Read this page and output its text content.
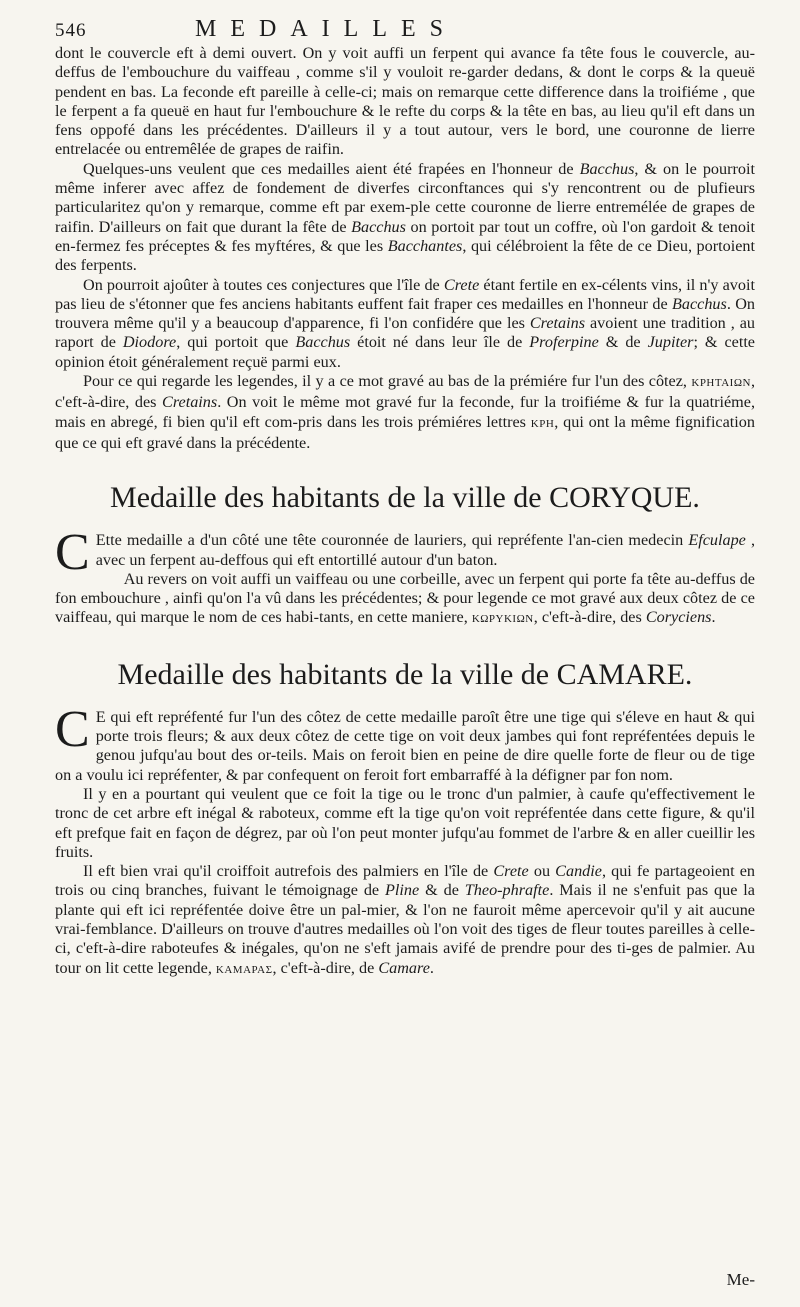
546	MEDAILLES

dont le couvercle eft à demi ouvert. On y voit auffi un ferpent qui avance fa tête fous le couvercle, au-deffus de l'embouchure du vaiffeau , comme s'il y vouloit re-garder dedans, & dont le corps & la queuë pendent en bas. La feconde eft pareille à celle-ci; mais on remarque cette difference dans la troifiéme , que le ferpent a fa queuë en haut fur l'embouchure & le refte du corps & la tête en bas, au lieu qu'il eft dans un fens oppofé dans les précédentes. D'ailleurs il y a tout autour, vers le bord, une couronne de lierre entrelacée ou entremêlée de grapes de raifin.

Quelques-uns veulent que ces medailles aient été frapées en l'honneur de Bacchus, & on le pourroit même inferer avec affez de fondement de diverfes circonftances qui s'y rencontrent ou de plufieurs particularitez qu'on y remarque, comme eft par exem-ple cette couronne de lierre entremélée de grapes de raifin. D'ailleurs on fait que durant la fête de Bacchus on portoit par tout un coffre, où l'on gardoit & tenoit en-fermez fes préceptes & fes myftéres, & que les Bacchantes, qui célébroient la fête de ce Dieu, portoient des ferpents.

On pourroit ajoûter à toutes ces conjectures que l'île de Crete étant fertile en ex-célents vins, il n'y avoit pas lieu de s'étonner que fes anciens habitants euffent fait fraper ces medailles en l'honneur de Bacchus. On trouvera même qu'il y a beaucoup d'apparence, fi l'on confidére que les Cretains avoient une tradition , au raport de Diodore, qui portoit que Bacchus étoit né dans leur île de Proferpine & de Jupiter; & cette opinion étoit généralement reçuë parmi eux.

Pour ce qui regarde les legendes, il y a ce mot gravé au bas de la prémiére fur l'un des côtez, ΚΡΗΤΑΙΩΝ, c'eft-à-dire, des Cretains. On voit le même mot gravé fur la feconde, fur la troifiéme & fur la quatriéme, mais en abregé, fi bien qu'il eft com-pris dans les trois prémiéres lettres ΚΡΗ, qui ont la même fignification que ce qui eft gravé dans la précédente.

Medaille des habitants de la ville de CORYQUE.

C Ette medaille a d'un côté une tête couronnée de lauriers, qui repréfente l'an-cien medecin Efculape , avec un ferpent au-deffous qui eft entortillé autour d'un baton.

Au revers on voit auffi un vaiffeau ou une corbeille, avec un ferpent qui porte fa tête au-deffus de fon embouchure , ainfi qu'on l'a vû dans les précédentes; & pour legende ce mot gravé aux deux côtez de ce vaiffeau, qui marque le nom de ces habi-tants, en cette maniere, ΚΩΡΥΚΙΩΝ, c'eft-à-dire, des Coryciens.

Medaille des habitants de la ville de CAMARE.

C E qui eft repréfenté fur l'un des côtez de cette medaille paroît être une tige qui s'éleve en haut & qui porte trois fleurs; & aux deux côtez de cette tige on voit deux jambes qui font repréfentées depuis le genou jufqu'au bout des or-teils. Mais on feroit bien en peine de dire quelle forte de fleur ou de tige on a voulu ici repréfenter, & par confequent on feroit fort embarraffé à la défigner par fon nom.

Il y en a pourtant qui veulent que ce foit la tige ou le tronc d'un palmier, à caufe qu'effectivement le tronc de cet arbre eft inégal & raboteux, comme eft la tige qu'on voit repréfentée dans cette figure, & qu'il eft prefque fait en façon de dégrez, par où l'on peut monter jufqu'au fommet de l'arbre & en aller cueillir les fruits.

Il eft bien vrai qu'il croiffoit autrefois des palmiers en l'île de Crete ou Candie, qui fe partageoient en trois ou cinq branches, fuivant le témoignage de Pline & de Theo-phrafte. Mais il ne s'enfuit pas que la plante qui eft ici repréfentée doive être un pal-mier, & l'on ne fauroit même apercevoir qu'il y ait aucune vrai-femblance. D'ailleurs on trouve d'autres medailles où l'on voit des tiges de fleur toutes pareilles à celle-ci, c'eft-à-dire raboteufes & inégales, qu'on ne s'eft jamais avifé de prendre pour des ti-ges de palmier. Au tour on lit cette legende, ΚΑΜΑΡΑΣ, c'eft-à-dire, de Camare.

Me-
